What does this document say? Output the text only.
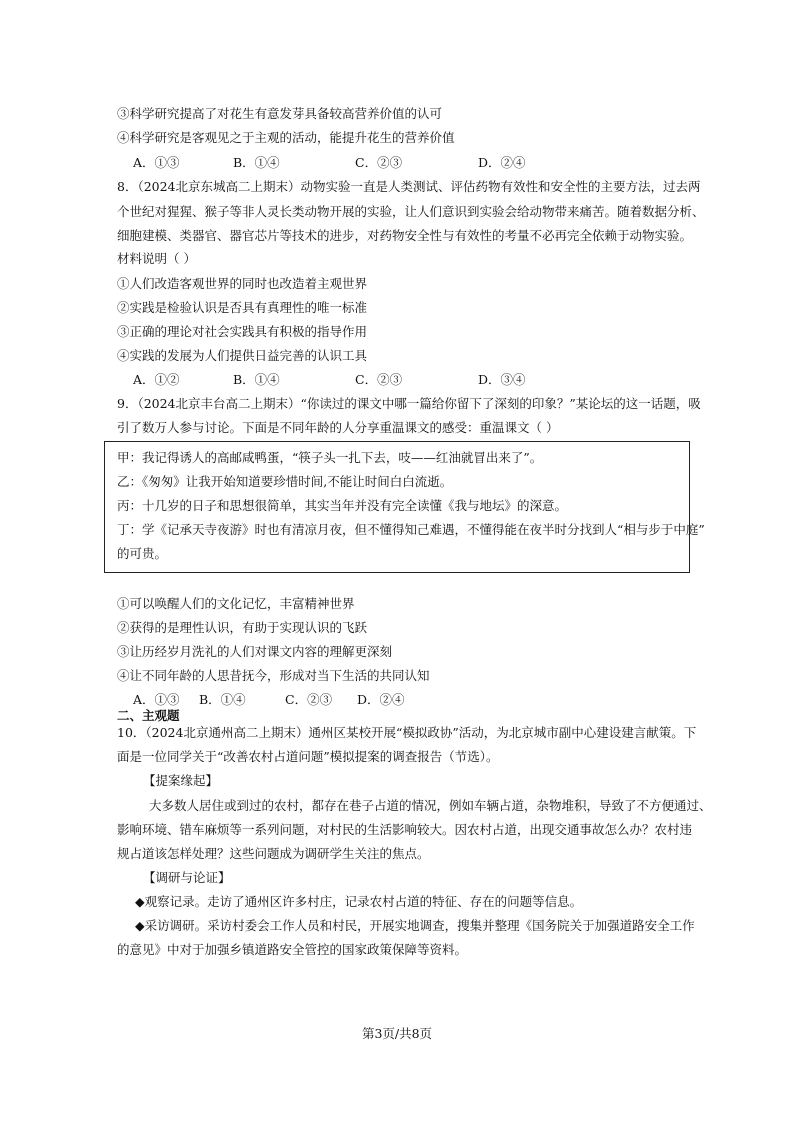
③科学研究提高了对花生有意发芽具备较高营养价值的认可
④科学研究是客观见之于主观的活动，能提升花生的营养价值
A．①③	B．①④	C．②③	D．②④
8．（2024北京东城高二上期末）动物实验一直是人类测试、评估药物有效性和安全性的主要方法，过去两
个世纪对猩猩、猴子等非人灵长类动物开展的实验，让人们意识到实验会给动物带来痛苦。随着数据分析、
细胞建模、类器官、器官芯片等技术的进步，对药物安全性与有效性的考量不必再完全依赖于动物实验。
材料说明（ ）
①人们改造客观世界的同时也改造着主观世界
②实践是检验认识是否具有真理性的唯一标准
③正确的理论对社会实践具有积极的指导作用
④实践的发展为人们提供日益完善的认识工具
A．①②	B．①④	C．②③	D．③④
9．（2024北京丰台高二上期末）“你读过的课文中哪一篇给你留下了深刻的印象？”某论坛的这一话题，吸
引了数万人参与讨论。下面是不同年龄的人分享重温课文的感受：重温课文（ ）
甲：我记得诱人的高邮咸鸭蛋，“筷子头一扎下去，吱——红油就冒出来了”。
乙：《匆匆》让我开始知道要珍惜时间,不能让时间白白流逝。
丙：十几岁的日子和思想很简单，其实当年并没有完全读懂《我与地坛》的深意。
丁：学《记承天寺夜游》时也有清凉月夜，但不懂得知己难遇，不懂得能在夜半时分找到人“相与步于中庭”
的可贵。
①可以唤醒人们的文化记忆，丰富精神世界
②获得的是理性认识，有助于实现认识的飞跃
③让历经岁月洗礼的人们对课文内容的理解更深刻
④让不同年龄的人思昔抚今，形成对当下生活的共同认知
A．①③ B．①④	C．②③ D．②④
二、主观题
10．（2024北京通州高二上期末）通州区某校开展“模拟政协”活动，为北京城市副中心建设建言献策。下
面是一位同学关于“改善农村占道问题”模拟提案的调查报告（节选）。
【提案缘起】
大多数人居住或到过的农村，都存在巷子占道的情况，例如车辆占道，杂物堆积，导致了不方便通过、
影响环境、错车麻烦等一系列问题，对村民的生活影响较大。因农村占道，出现交通事故怎么办？农村违
规占道该怎样处理？这些问题成为调研学生关注的焦点。
【调研与论证】
◆观察记录。走访了通州区许多村庄，记录农村占道的特征、存在的问题等信息。
◆采访调研。采访村委会工作人员和村民，开展实地调查，搜集并整理《国务院关于加强道路安全工作
的意见》中对于加强乡镇道路安全管控的国家政策保障等资料。
第3页/共8页
